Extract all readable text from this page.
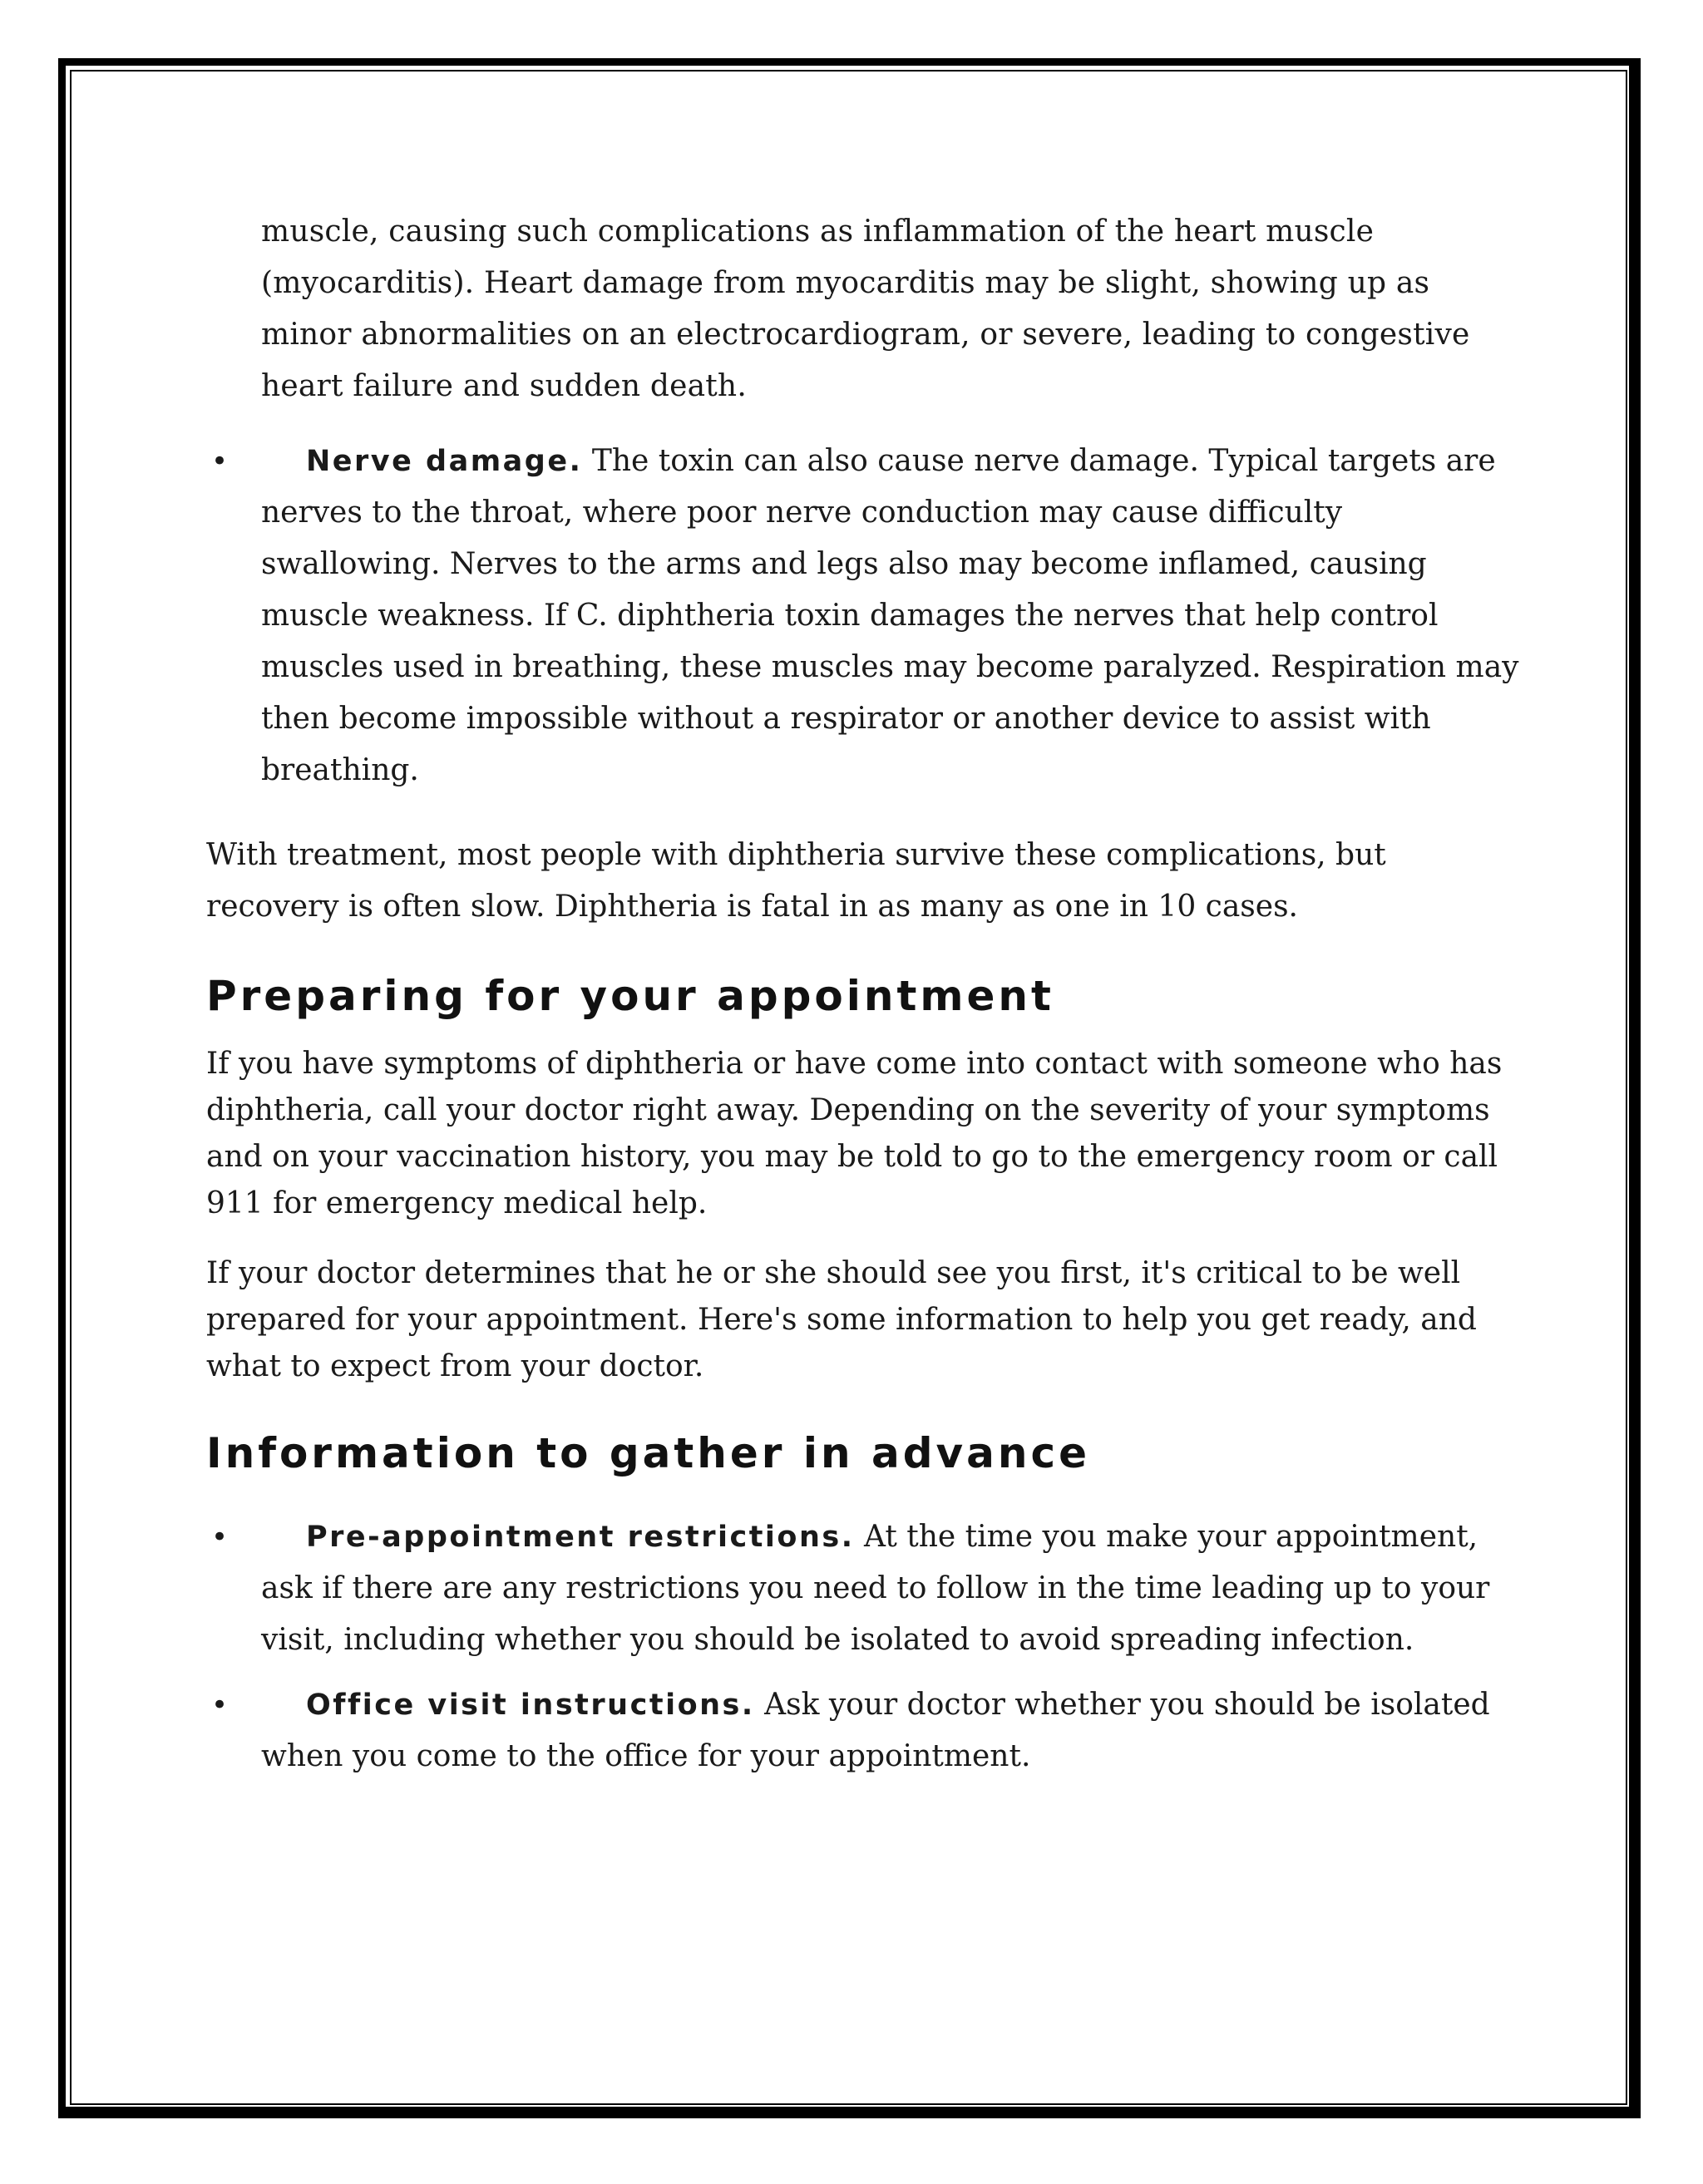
muscle, causing such complications as inflammation of the heart muscle (myocarditis). Heart damage from myocarditis may be slight, showing up as minor abnormalities on an electrocardiogram, or severe, leading to congestive heart failure and sudden death.

•	Nerve damage. The toxin can also cause nerve damage. Typical targets are nerves to the throat, where poor nerve conduction may cause difficulty swallowing. Nerves to the arms and legs also may become inflamed, causing muscle weakness. If C. diphtheria toxin damages the nerves that help control muscles used in breathing, these muscles may become paralyzed. Respiration may then become impossible without a respirator or another device to assist with breathing.

With treatment, most people with diphtheria survive these complications, but recovery is often slow. Diphtheria is fatal in as many as one in 10 cases.

Preparing for your appointment

If you have symptoms of diphtheria or have come into contact with someone who has diphtheria, call your doctor right away. Depending on the severity of your symptoms and on your vaccination history, you may be told to go to the emergency room or call 911 for emergency medical help.

If your doctor determines that he or she should see you first, it's critical to be well prepared for your appointment. Here's some information to help you get ready, and what to expect from your doctor.

Information to gather in advance
•	Pre-appointment restrictions. At the time you make your appointment, ask if there are any restrictions you need to follow in the time leading up to your visit, including whether you should be isolated to avoid spreading infection.
•	Office visit instructions. Ask your doctor whether you should be isolated when you come to the office for your appointment.
